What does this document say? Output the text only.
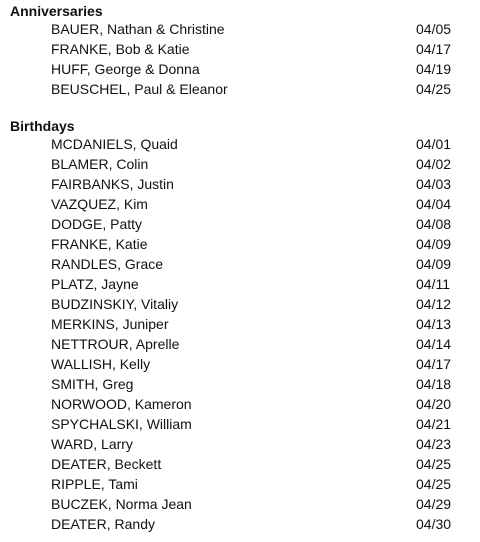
Anniversaries
BAUER, Nathan & Christine	04/05
FRANKE, Bob & Katie	04/17
HUFF, George & Donna	04/19
BEUSCHEL, Paul & Eleanor	04/25
Birthdays
MCDANIELS, Quaid	04/01
BLAMER, Colin	04/02
FAIRBANKS, Justin	04/03
VAZQUEZ, Kim	04/04
DODGE, Patty	04/08
FRANKE, Katie	04/09
RANDLES, Grace	04/09
PLATZ, Jayne	04/11
BUDZINSKIY, Vitaliy	04/12
MERKINS, Juniper	04/13
NETTROUR, Aprelle	04/14
WALLISH, Kelly	04/17
SMITH, Greg	04/18
NORWOOD, Kameron	04/20
SPYCHALSKI, William	04/21
WARD, Larry	04/23
DEATER, Beckett	04/25
RIPPLE, Tami	04/25
BUCZEK, Norma Jean	04/29
DEATER, Randy	04/30
